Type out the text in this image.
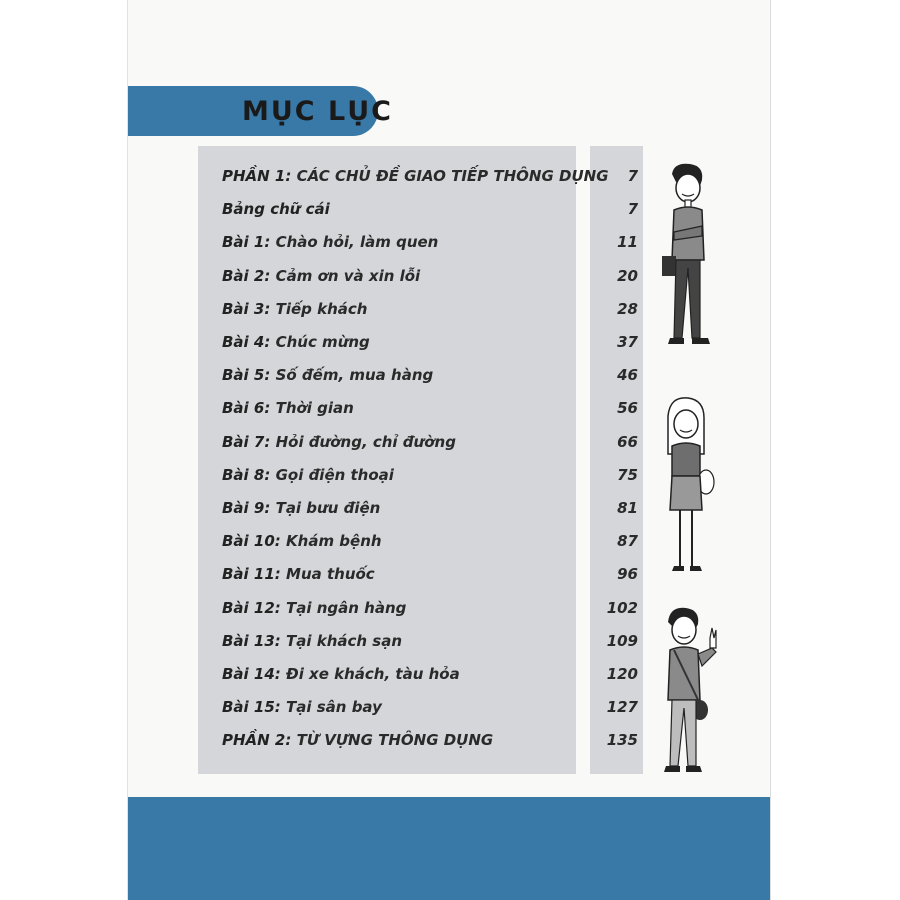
MỤC LỤC
PHẦN 1: CÁC CHỦ ĐỀ GIAO TIẾP THÔNG DỤNG	7
Bảng chữ cái	7
Bài 1: Chào hỏi, làm quen	11
Bài 2: Cảm ơn và xin lỗi	20
Bài 3: Tiếp khách	28
Bài 4: Chúc mừng	37
Bài 5: Số đếm, mua hàng	46
Bài 6: Thời gian	56
Bài 7: Hỏi đường, chỉ đường	66
Bài 8: Gọi điện thoại	75
Bài 9: Tại bưu điện	81
Bài 10: Khám bệnh	87
Bài 11: Mua thuốc	96
Bài 12: Tại ngân hàng	102
Bài 13: Tại khách sạn	109
Bài 14: Đi xe khách, tàu hỏa	120
Bài 15: Tại sân bay	127
PHẦN 2: TỪ VỰNG THÔNG DỤNG	135
